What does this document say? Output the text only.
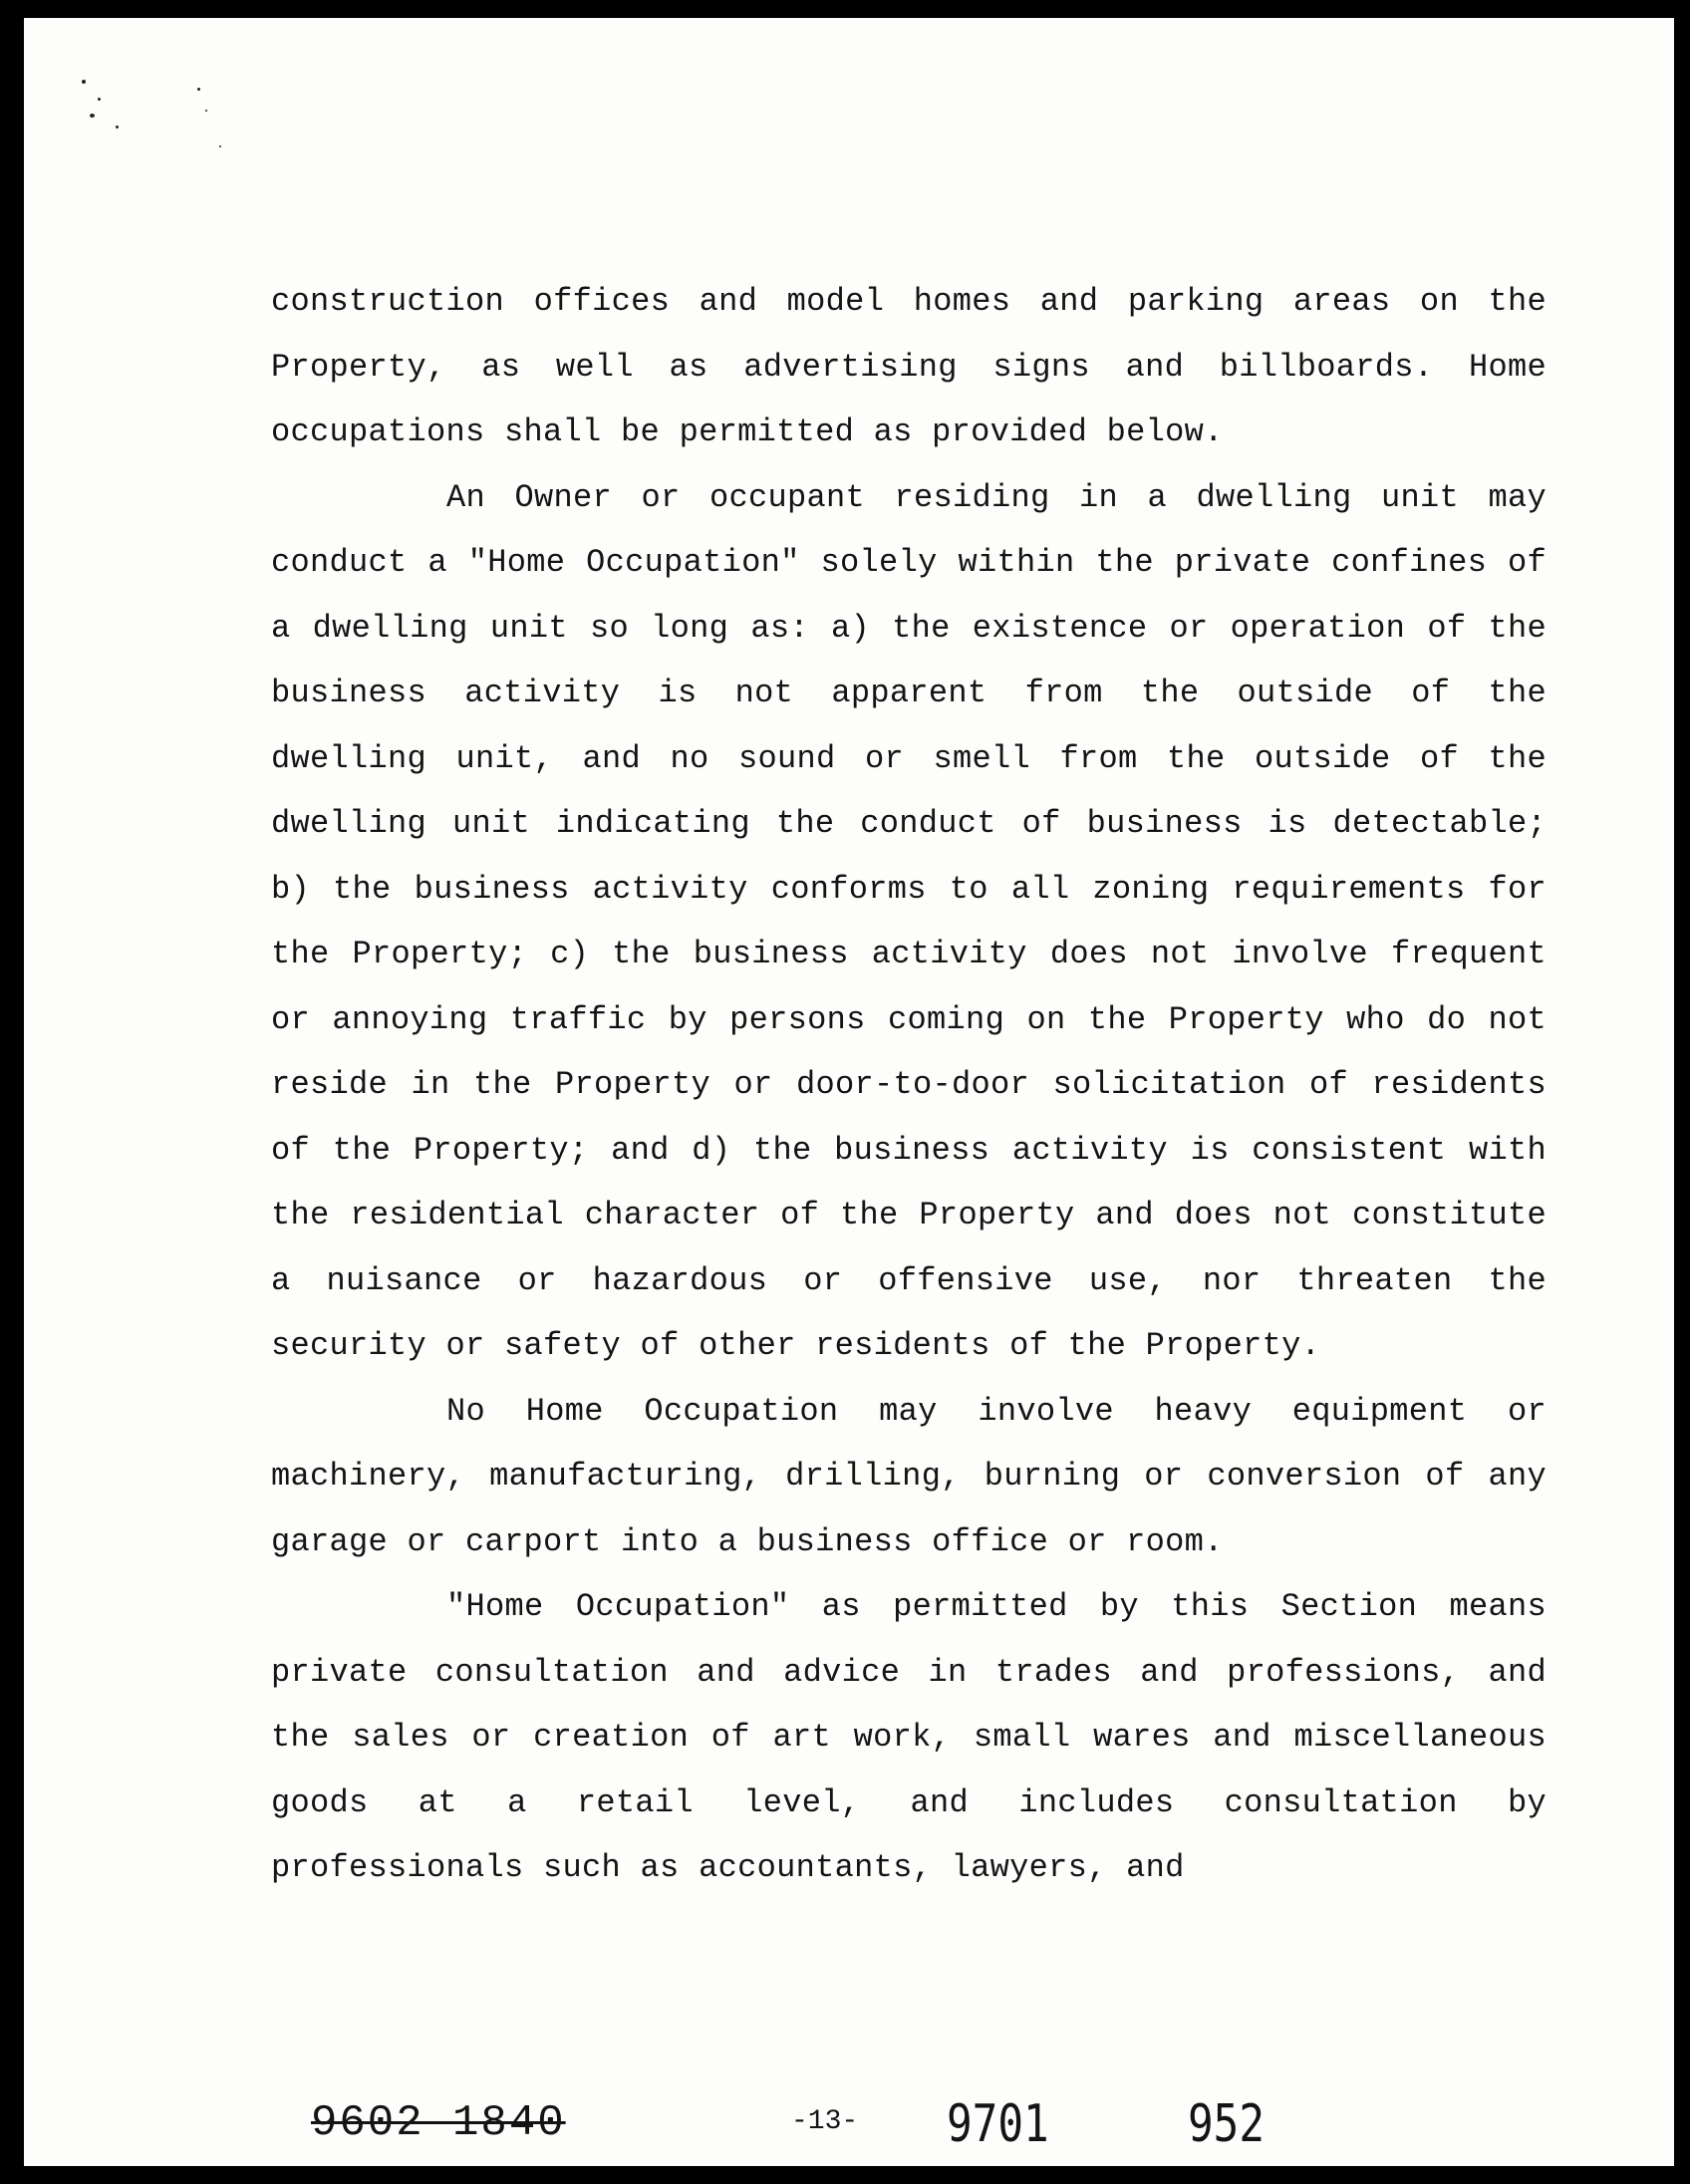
construction offices and model homes and parking areas on the Property, as well as advertising signs and billboards. Home occupations shall be permitted as provided below.

An Owner or occupant residing in a dwelling unit may conduct a "Home Occupation" solely within the private confines of a dwelling unit so long as: a) the existence or operation of the business activity is not apparent from the outside of the dwelling unit, and no sound or smell from the outside of the dwelling unit indicating the conduct of business is detectable; b) the business activity conforms to all zoning requirements for the Property; c) the business activity does not involve frequent or annoying traffic by persons coming on the Property who do not reside in the Property or door-to-door solicitation of residents of the Property; and d) the business activity is consistent with the residential character of the Property and does not constitute a nuisance or hazardous or offensive use, nor threaten the security or safety of other residents of the Property.

No Home Occupation may involve heavy equipment or machinery, manufacturing, drilling, burning or conversion of any garage or carport into a business office or room.

"Home Occupation" as permitted by this Section means private consultation and advice in trades and professions, and the sales or creation of art work, small wares and miscellaneous goods at a retail level, and includes consultation by professionals such as accountants, lawyers, and

9602 1840	-13- 9701	952
